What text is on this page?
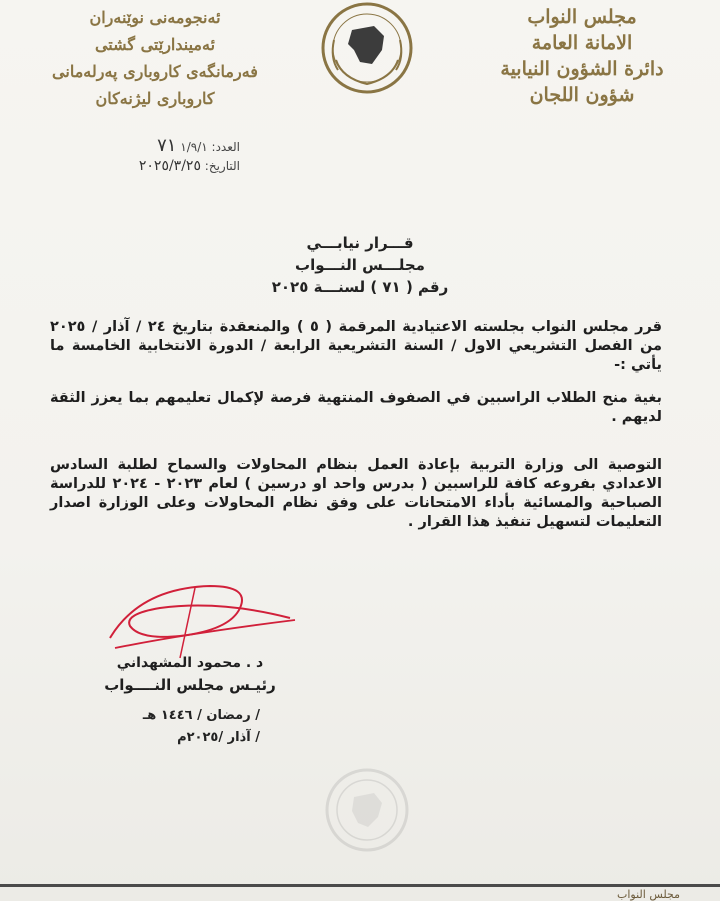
مجلس النواب
الامانة العامة
دائرة الشؤون النيابية
شؤون اللجان
ئه‌نجومه‌نی نوێنه‌ران
ئه‌میندارێتی گشتی
فه‌رمانگه‌ی كاروباری په‌رله‌مانی
كاروباری لیژنه‌كان
العدد: ١/٩/١ ٧١
التاريخ: ٢٠٢٥/٣/٢٥
قـــرار نيابـــي
مجلـــس النـــواب
رقم ( ٧١ ) لسنـــة ٢٠٢٥
قرر مجلس النواب بجلسته الاعتيادية المرقمة ( ٥ ) والمنعقدة بتاريخ ٢٤ / آذار / ٢٠٢٥ من الفصل التشريعي الاول / السنة التشريعية الرابعة / الدورة الانتخابية الخامسة ما يأتي :-
بغية منح الطلاب الراسبين في الصفوف المنتهية فرصة لإكمال تعليمهم بما يعزز الثقة لديهم .
التوصية الى وزارة التربية بإعادة العمل بنظام المحاولات والسماح لطلبة السادس الاعدادي بفروعه كافة للراسبين ( بدرس واحد او درسين ) لعام ٢٠٢٣ - ٢٠٢٤ للدراسة الصباحية والمسائية بأداء الامتحانات على وفق نظام المحاولات وعلى الوزارة اصدار التعليمات لتسهيل تنفيذ هذا القرار .
د . محمود المشهداني
رئيـس مجلس النــــواب
/ رمضان / ١٤٤٦ هـ
/ آذار /٢٠٢٥م
مجلس النواب
